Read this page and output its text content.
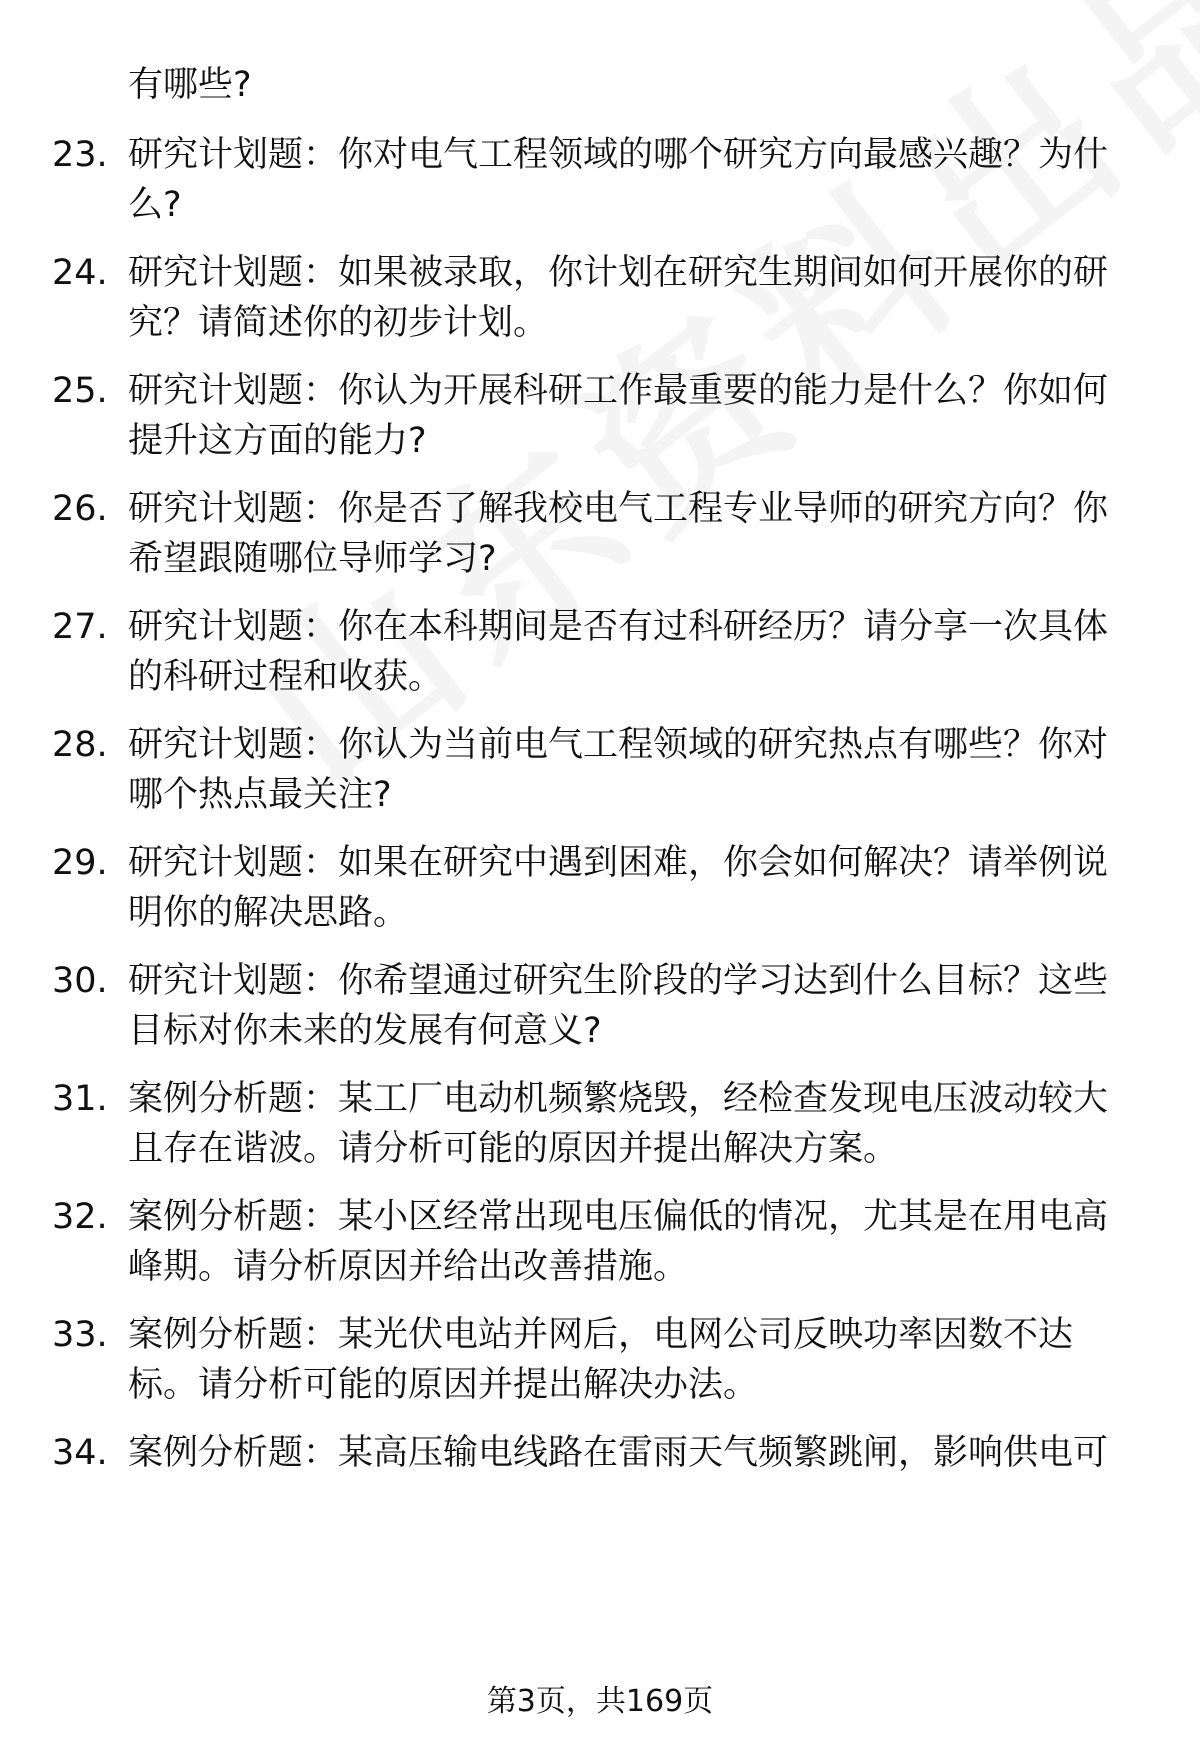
有哪些?
23. 研究计划题：你对电气工程领域的哪个研究方向最感兴趣？为什
么?
24. 研究计划题：如果被录取，你计划在研究生期间如何开展你的研
究？请简述你的初步计划。
25. 研究计划题：你认为开展科研工作最重要的能力是什么？你如何
提升这方面的能力?
26. 研究计划题：你是否了解我校电气工程专业导师的研究方向？你
希望跟随哪位导师学习?
27. 研究计划题：你在本科期间是否有过科研经历？请分享一次具体
的科研过程和收获。
28. 研究计划题：你认为当前电气工程领域的研究热点有哪些？你对
哪个热点最关注?
29. 研究计划题：如果在研究中遇到困难，你会如何解决？请举例说
明你的解决思路。
30. 研究计划题：你希望通过研究生阶段的学习达到什么目标？这些
目标对你未来的发展有何意义?
31. 案例分析题：某工厂电动机频繁烧毁，经检查发现电压波动较大
且存在谐波。请分析可能的原因并提出解决方案。
32. 案例分析题：某小区经常出现电压偏低的情况，尤其是在用电高
峰期。请分析原因并给出改善措施。
33. 案例分析题：某光伏电站并网后，电网公司反映功率因数不达
标。请分析可能的原因并提出解决办法。
34. 案例分析题：某高压输电线路在雷雨天气频繁跳闸，影响供电可
第3页，共169页
